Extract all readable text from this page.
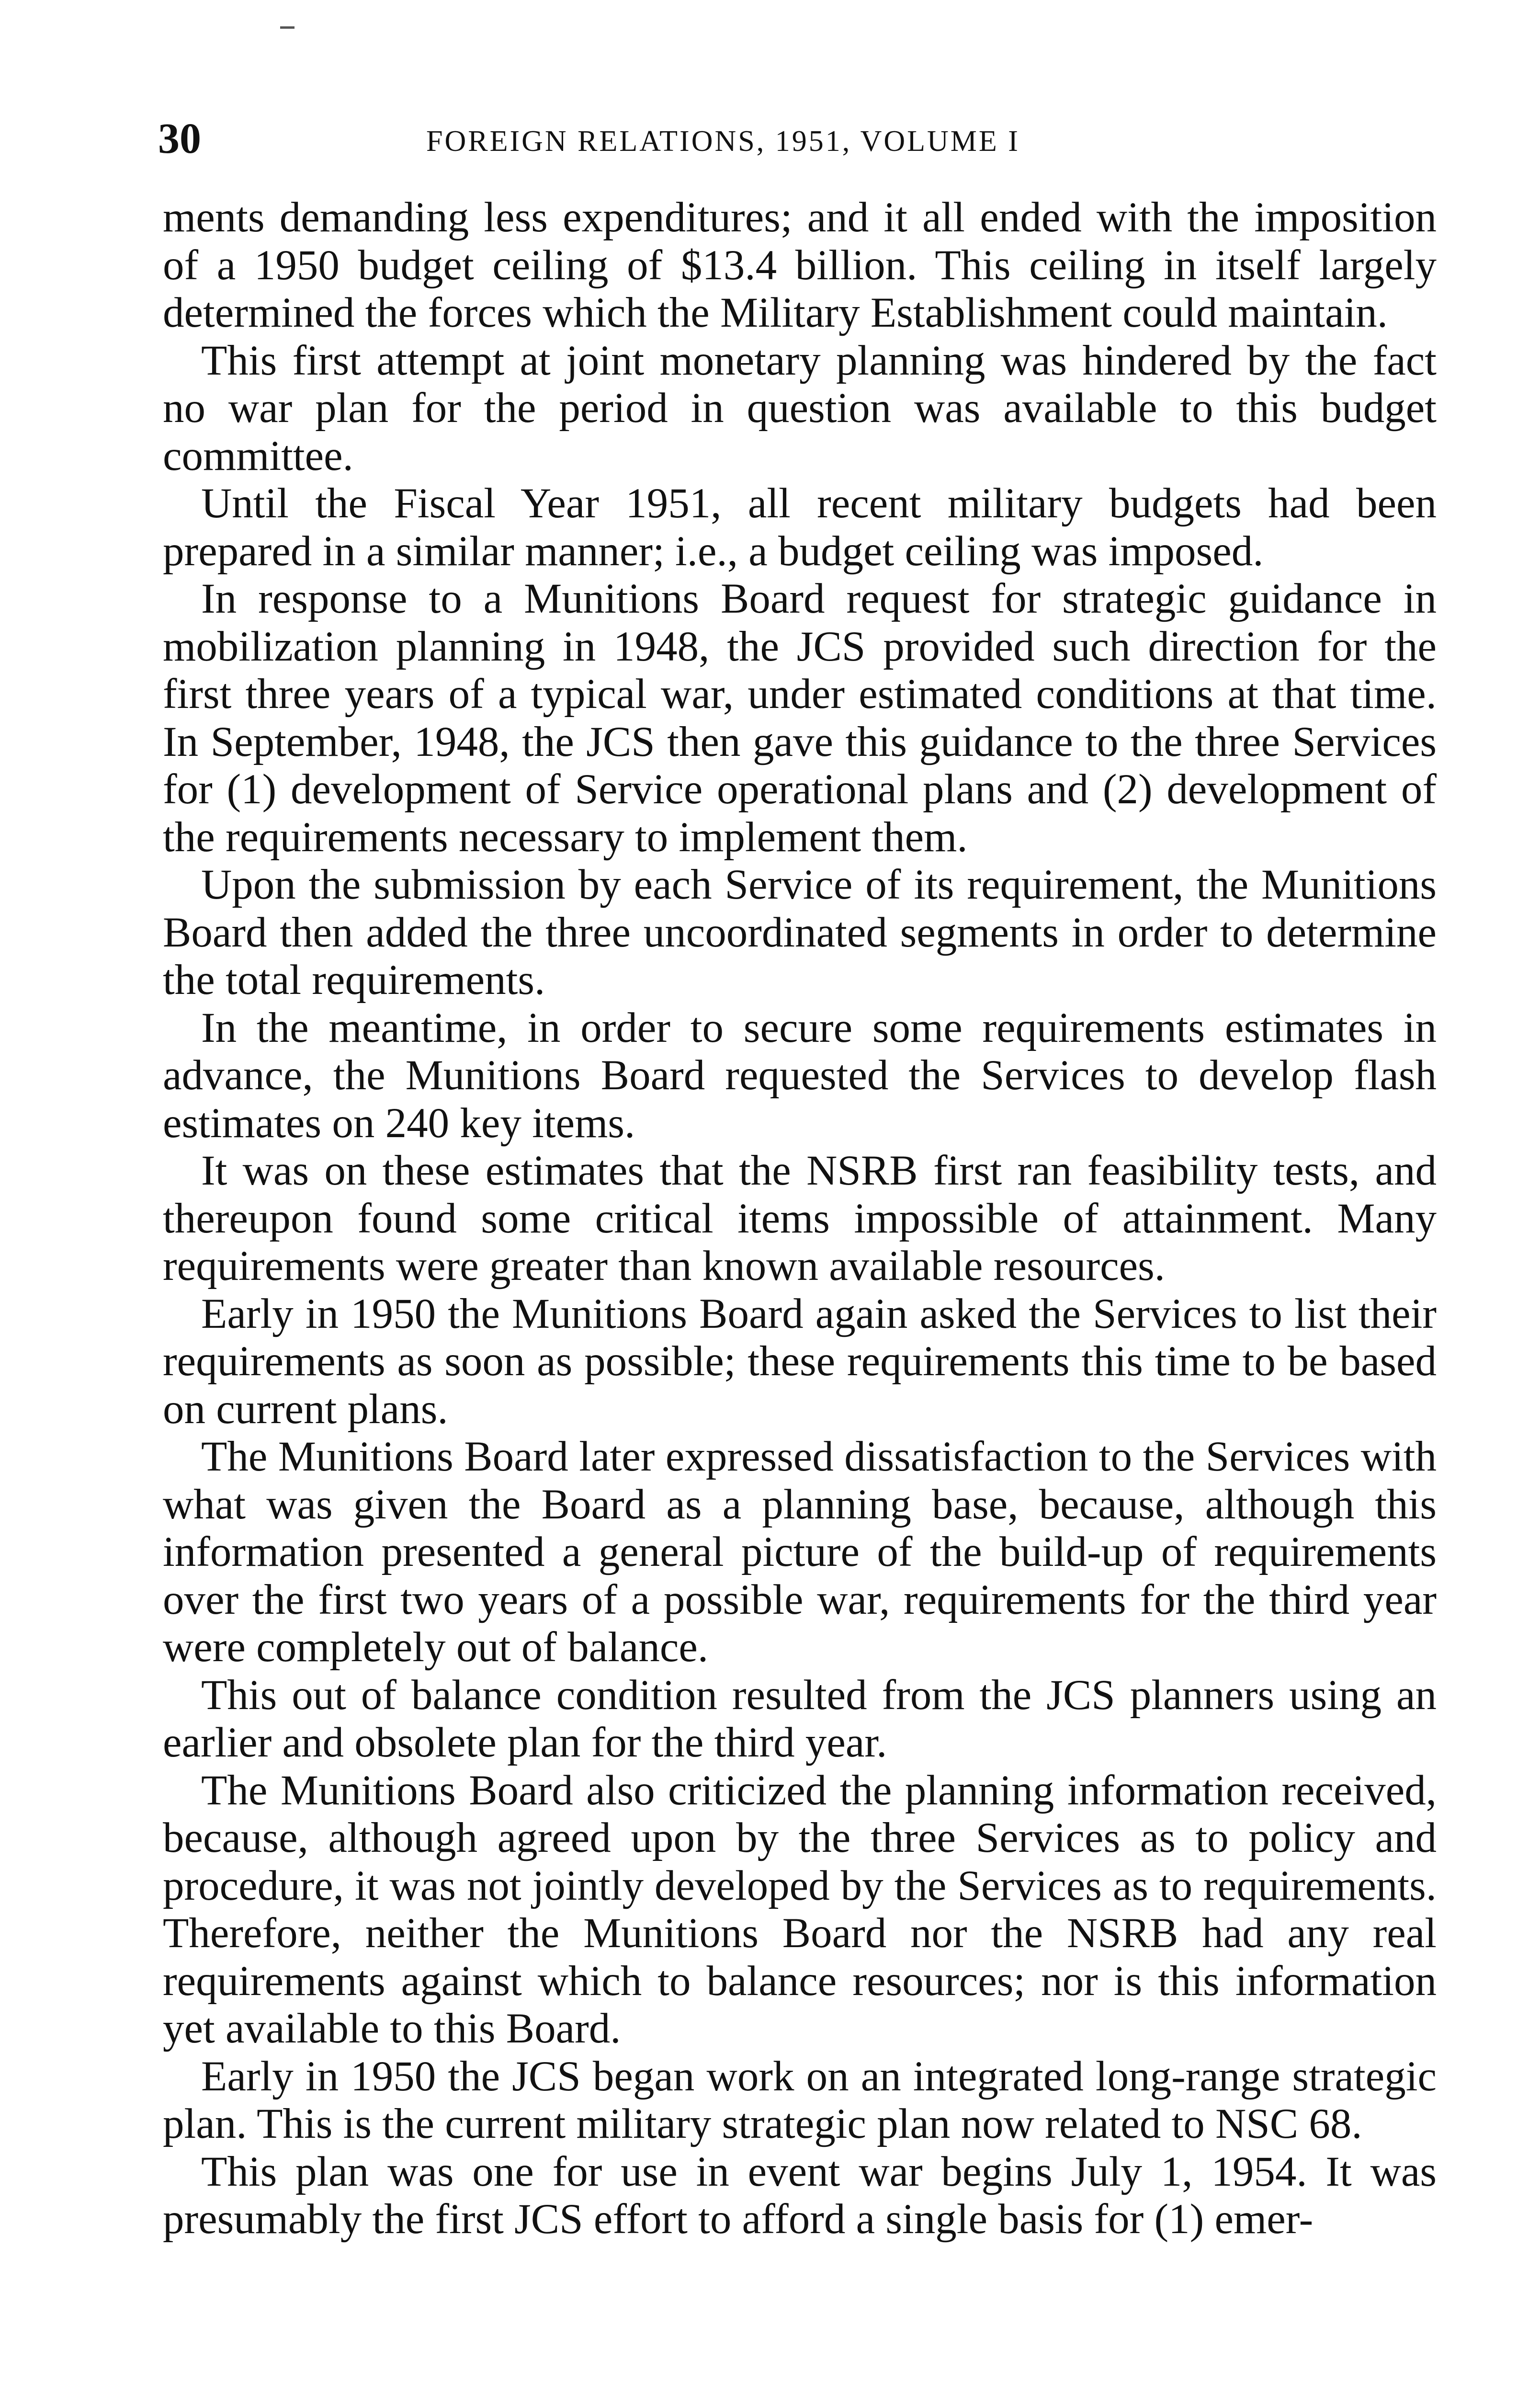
30	FOREIGN RELATIONS, 1951, VOLUME I

ments demanding less expenditures; and it all ended with the imposition of a 1950 budget ceiling of $13.4 billion. This ceiling in itself largely determined the forces which the Military Establishment could maintain.

This first attempt at joint monetary planning was hindered by the fact no war plan for the period in question was available to this budget committee.

Until the Fiscal Year 1951, all recent military budgets had been prepared in a similar manner; i.e., a budget ceiling was imposed.

In response to a Munitions Board request for strategic guidance in mobilization planning in 1948, the JCS provided such direction for the first three years of a typical war, under estimated conditions at that time. In September, 1948, the JCS then gave this guidance to the three Services for (1) development of Service operational plans and (2) development of the requirements necessary to implement them.

Upon the submission by each Service of its requirement, the Munitions Board then added the three uncoordinated segments in order to determine the total requirements.

In the meantime, in order to secure some requirements estimates in advance, the Munitions Board requested the Services to develop flash estimates on 240 key items.

It was on these estimates that the NSRB first ran feasibility tests, and thereupon found some critical items impossible of attainment. Many requirements were greater than known available resources.

Early in 1950 the Munitions Board again asked the Services to list their requirements as soon as possible; these requirements this time to be based on current plans.

The Munitions Board later expressed dissatisfaction to the Services with what was given the Board as a planning base, because, although this information presented a general picture of the build-up of requirements over the first two years of a possible war, requirements for the third year were completely out of balance.

This out of balance condition resulted from the JCS planners using an earlier and obsolete plan for the third year.

The Munitions Board also criticized the planning information received, because, although agreed upon by the three Services as to policy and procedure, it was not jointly developed by the Services as to requirements. Therefore, neither the Munitions Board nor the NSRB had any real requirements against which to balance resources; nor is this information yet available to this Board.

Early in 1950 the JCS began work on an integrated long-range strategic plan. This is the current military strategic plan now related to NSC 68.

This plan was one for use in event war begins July 1, 1954. It was presumably the first JCS effort to afford a single basis for (1) emer-
